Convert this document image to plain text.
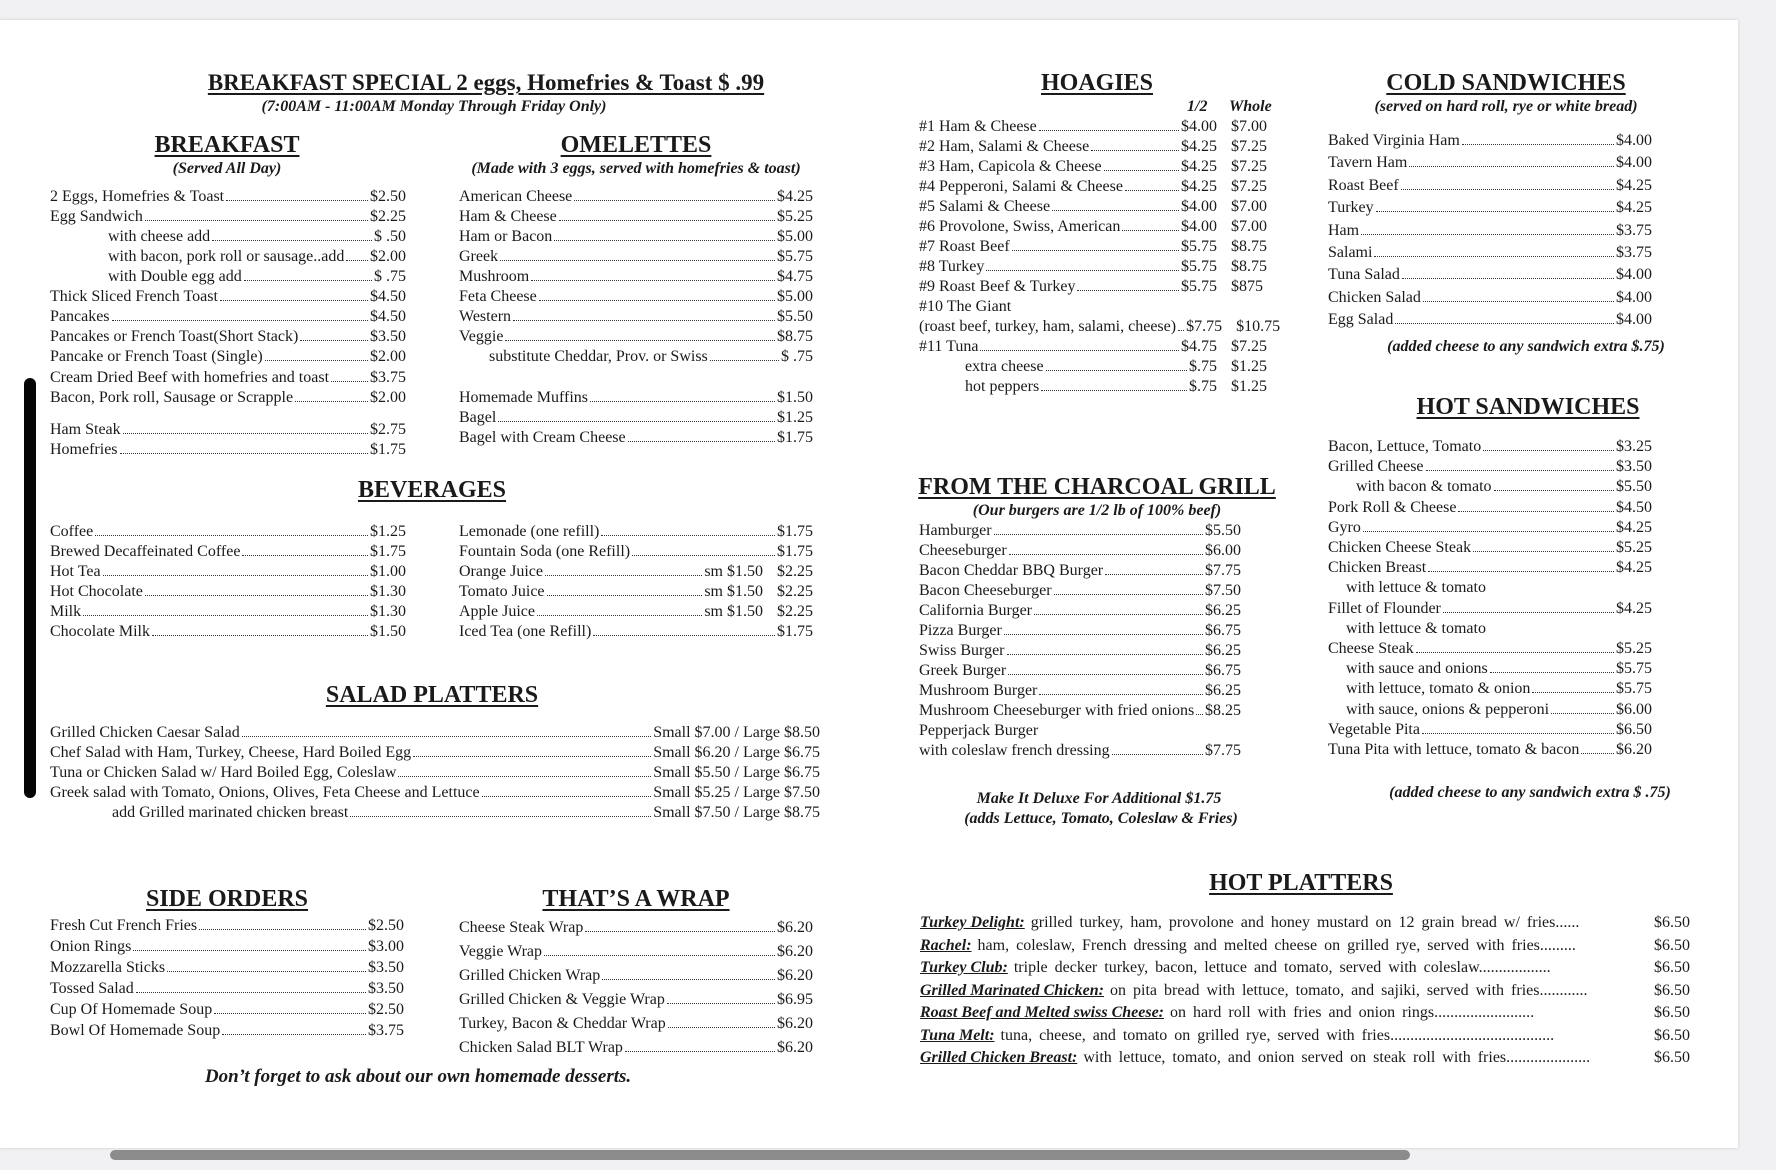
BREAKFAST SPECIAL 2 eggs, Homefries & Toast $ .99
(7:00AM - 11:00AM Monday Through Friday Only)
BREAKFAST
(Served All Day)
2 Eggs, Homefries & Toast	$2.50
Egg Sandwich	$2.25
with cheese add	$ .50
with bacon, pork roll or sausage..add $2.00
with Double egg add	$ .75
Thick Sliced French Toast	$4.50
Pancakes	$4.50
Pancakes or French Toast(Short Stack)	$3.50
Pancake or French Toast (Single)	$2.00
Cream Dried Beef with homefries and toast	$3.75
Bacon, Pork roll, Sausage or Scrapple	$2.00
Ham Steak	$2.75
Homefries	$1.75
OMELETTES
(Made with 3 eggs, served with homefries & toast)
American Cheese	$4.25
Ham & Cheese	$5.25
Ham or Bacon	$5.00
Greek	$5.75
Mushroom	$4.75
Feta Cheese	$5.00
Western	$5.50
Veggie	$8.75
substitute Cheddar, Prov. or Swiss	$ .75
Homemade Muffins	$1.50
Bagel	$1.25
Bagel with Cream Cheese	$1.75
BEVERAGES
Coffee	$1.25
Brewed Decaffeinated Coffee	$1.75
Hot Tea	$1.00
Hot Chocolate	$1.30
Milk	$1.30
Chocolate Milk	$1.50
Lemonade (one refill)	$1.75
Fountain Soda (one Refill)	$1.75
Orange Juice	sm $1.50 $2.25
Tomato Juice	sm $1.50 $2.25
Apple Juice	sm $1.50 $2.25
Iced Tea (one Refill)	$1.75
SALAD PLATTERS
Grilled Chicken Caesar Salad	Small $7.00 / Large $8.50
Chef Salad with Ham, Turkey, Cheese, Hard Boiled Egg	Small $6.20 / Large $6.75
Tuna or Chicken Salad w/ Hard Boiled Egg, Coleslaw	Small $5.50 / Large $6.75
Greek salad with Tomato, Onions, Olives, Feta Cheese and Lettuce	Small $5.25 / Large $7.50
add Grilled marinated chicken breast	Small $7.50 / Large $8.75
SIDE ORDERS
Fresh Cut French Fries	$2.50
Onion Rings	$3.00
Mozzarella Sticks	$3.50
Tossed Salad	$3.50
Cup Of Homemade Soup	$2.50
Bowl Of Homemade Soup	$3.75
THAT’S A WRAP
Cheese Steak Wrap	$6.20
Veggie Wrap	$6.20
Grilled Chicken Wrap	$6.20
Grilled Chicken & Veggie Wrap	$6.95
Turkey, Bacon & Cheddar Wrap	$6.20
Chicken Salad BLT Wrap	$6.20
Don’t forget to ask about our own homemade desserts.
HOAGIES
1/2 Whole
#1 Ham & Cheese	$4.00 $7.00
#2 Ham, Salami & Cheese	$4.25 $7.25
#3 Ham, Capicola & Cheese	$4.25 $7.25
#4 Pepperoni, Salami & Cheese	$4.25 $7.25
#5 Salami & Cheese	$4.00 $7.00
#6 Provolone, Swiss, American	$4.00 $7.00
#7 Roast Beef	$5.75 $8.75
#8 Turkey	$5.75 $8.75
#9 Roast Beef & Turkey	$5.75 $875
#10 The Giant
(roast beef, turkey, ham, salami, cheese) $7.75 $10.75
#11 Tuna	$4.75 $7.25
extra cheese	$.75 $1.25
hot peppers	$.75 $1.25
FROM THE CHARCOAL GRILL
(Our burgers are 1/2 lb of 100% beef)
Hamburger	$5.50
Cheeseburger	$6.00
Bacon Cheddar BBQ Burger	$7.75
Bacon Cheeseburger	$7.50
California Burger	$6.25
Pizza Burger	$6.75
Swiss Burger	$6.25
Greek Burger	$6.75
Mushroom Burger	$6.25
Mushroom Cheeseburger with fried onions $8.25
Pepperjack Burger
with coleslaw french dressing	$7.75
Make It Deluxe For Additional $1.75
(adds Lettuce, Tomato, Coleslaw & Fries)
COLD SANDWICHES
(served on hard roll, rye or white bread)
Baked Virginia Ham	$4.00
Tavern Ham	$4.00
Roast Beef	$4.25
Turkey	$4.25
Ham	$3.75
Salami	$3.75
Tuna Salad	$4.00
Chicken Salad	$4.00
Egg Salad	$4.00
(added cheese to any sandwich extra $.75)
HOT SANDWICHES
Bacon, Lettuce, Tomato	$3.25
Grilled Cheese	$3.50
with bacon & tomato	$5.50
Pork Roll & Cheese	$4.50
Gyro	$4.25
Chicken Cheese Steak	$5.25
Chicken Breast	$4.25
with lettuce & tomato
Fillet of Flounder	$4.25
with lettuce & tomato
Cheese Steak	$5.25
with sauce and onions	$5.75
with lettuce, tomato & onion	$5.75
with sauce, onions & pepperoni	$6.00
Vegetable Pita	$6.50
Tuna Pita with lettuce, tomato & bacon $6.20
(added cheese to any sandwich extra $ .75)
HOT PLATTERS
Turkey Delight: grilled turkey, ham, provolone and honey mustard on 12 grain bread w/ fries......	$6.50
Rachel: ham, coleslaw, French dressing and melted cheese on grilled rye, served with fries.........	$6.50
Turkey Club: triple decker turkey, bacon, lettuce and tomato, served with coleslaw..................	$6.50
Grilled Marinated Chicken: on pita bread with lettuce, tomato, and sajiki, served with fries............	$6.50
Roast Beef and Melted swiss Cheese: on hard roll with fries and onion rings.........................	$6.50
Tuna Melt: tuna, cheese, and tomato on grilled rye, served with fries.........................................	$6.50
Grilled Chicken Breast: with lettuce, tomato, and onion served on steak roll with fries.....................	$6.50
